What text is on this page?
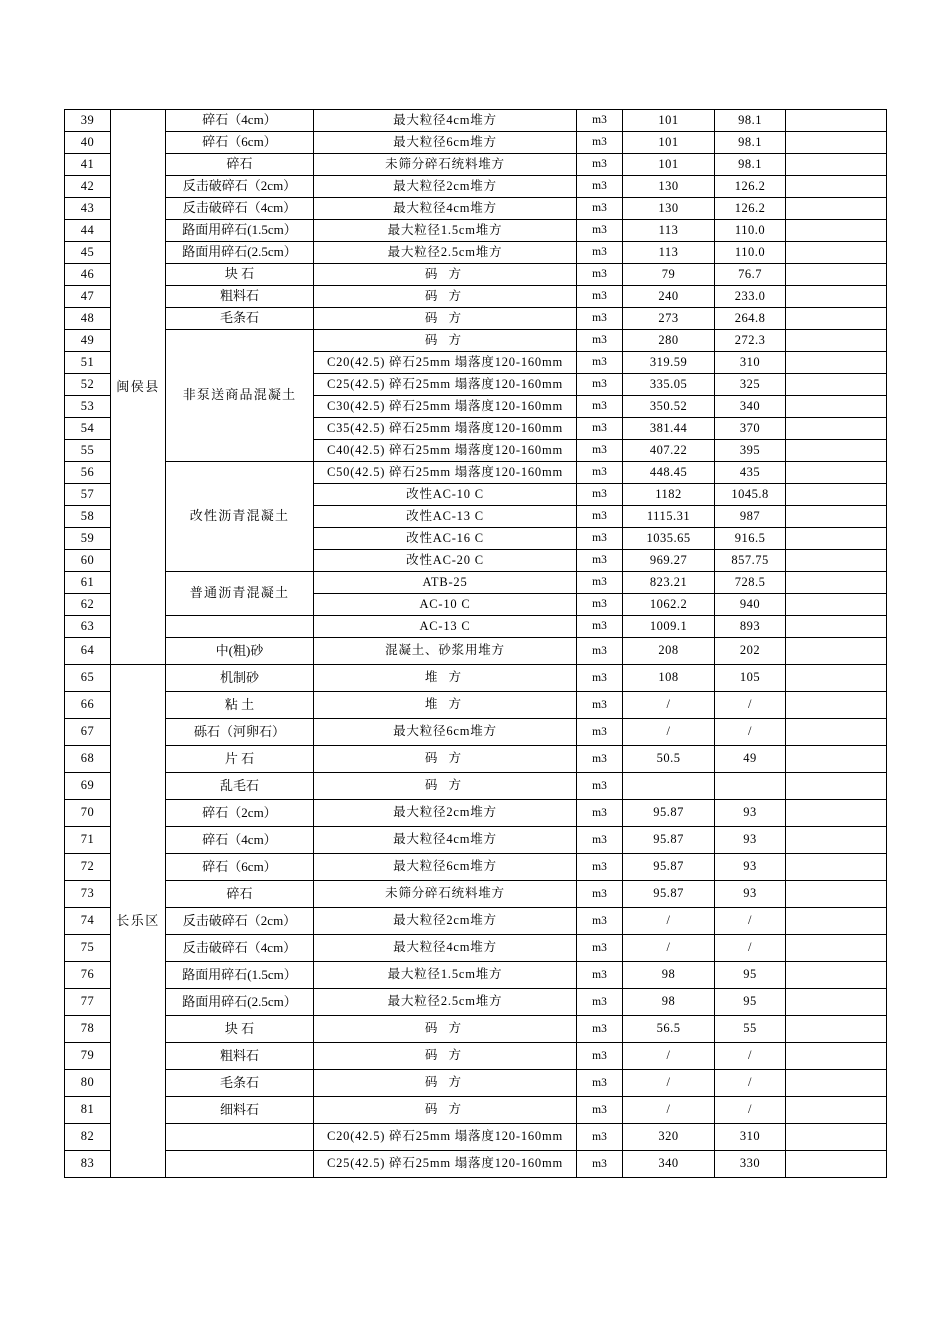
39	闽侯县	碎石（4cm）	最大粒径4cm堆方	m3	101	98.1	
40		碎石（6cm）	最大粒径6cm堆方	m3	101	98.1	
41		碎石	未筛分碎石统料堆方	m3	101	98.1	
42		反击破碎石（2cm）	最大粒径2cm堆方	m3	130	126.2	
43		反击破碎石（4cm）	最大粒径4cm堆方	m3	130	126.2	
44		路面用碎石(1.5cm）	最大粒径1.5cm堆方	m3	113	110.0	
45		路面用碎石(2.5cm）	最大粒径2.5cm堆方	m3	113	110.0	
46		块 石	码 方	m3	79	76.7	
47		粗料石	码 方	m3	240	233.0	
48		毛条石	码 方	m3	273	264.8	
49		非泵送商品混凝土	码 方	m3	280	272.3	
51			C20(42.5) 碎石25mm 塌落度120-160mm	m3	319.59	310	
52			C25(42.5) 碎石25mm 塌落度120-160mm	m3	335.05	325	
53			C30(42.5) 碎石25mm 塌落度120-160mm	m3	350.52	340	
54			C35(42.5) 碎石25mm 塌落度120-160mm	m3	381.44	370	
55			C40(42.5) 碎石25mm 塌落度120-160mm	m3	407.22	395	
56		改性沥青混凝土	C50(42.5) 碎石25mm 塌落度120-160mm	m3	448.45	435	
57			改性AC-10 C	m3	1182	1045.8	
58			改性AC-13 C	m3	1115.31	987	
59			改性AC-16 C	m3	1035.65	916.5	
60			改性AC-20 C	m3	969.27	857.75	
61		普通沥青混凝土	ATB-25	m3	823.21	728.5	
62			AC-10 C	m3	1062.2	940	
63			AC-13 C	m3	1009.1	893	
64		中(粗)砂	混凝土、砂浆用堆方	m3	208	202	
65	长乐区	机制砂	堆 方	m3	108	105	
66		粘 土	堆 方	m3	/	/	
67		砾石（河卵石）	最大粒径6cm堆方	m3	/	/	
68		片 石	码 方	m3	50.5	49	
69		乱毛石	码 方	m3			
70		碎石（2cm）	最大粒径2cm堆方	m3	95.87	93	
71		碎石（4cm）	最大粒径4cm堆方	m3	95.87	93	
72		碎石（6cm）	最大粒径6cm堆方	m3	95.87	93	
73		碎石	未筛分碎石统料堆方	m3	95.87	93	
74		反击破碎石（2cm）	最大粒径2cm堆方	m3	/	/	
75		反击破碎石（4cm）	最大粒径4cm堆方	m3	/	/	
76		路面用碎石(1.5cm）	最大粒径1.5cm堆方	m3	98	95	
77		路面用碎石(2.5cm）	最大粒径2.5cm堆方	m3	98	95	
78		块 石	码 方	m3	56.5	55	
79		粗料石	码 方	m3	/	/	
80		毛条石	码 方	m3	/	/	
81		细料石	码 方	m3	/	/	
82			C20(42.5) 碎石25mm 塌落度120-160mm	m3	320	310	
83			C25(42.5) 碎石25mm 塌落度120-160mm	m3	340	330	
